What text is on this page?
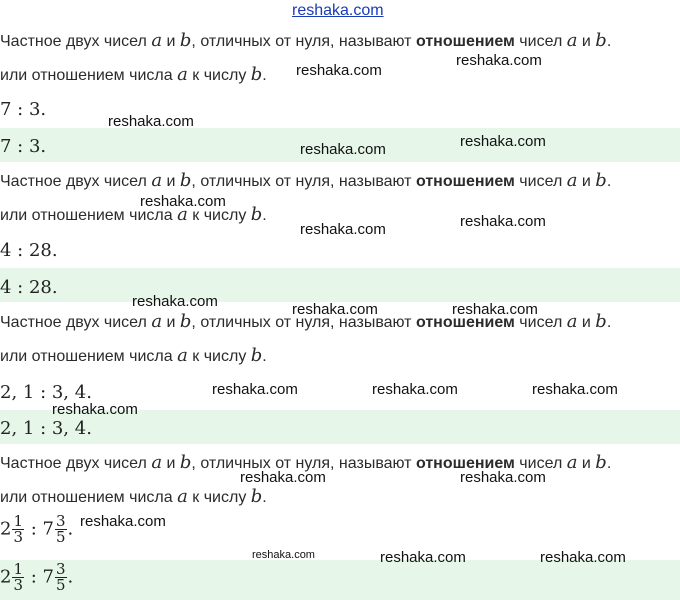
reshaka.com
Частное двух чисел a и b, отличных от нуля, называют отношением чисел a и b.
или отношением числа a к числу b.
7 : 3.
7 : 3.
Частное двух чисел a и b, отличных от нуля, называют отношением чисел a и b.
или отношением числа a к числу b.
4 : 28.
4 : 28.
Частное двух чисел a и b, отличных от нуля, называют отношением чисел a и b.
или отношением числа a к числу b.
2, 1 : 3, 4.
2, 1 : 3, 4.
Частное двух чисел a и b, отличных от нуля, называют отношением чисел a и b.
или отношением числа a к числу b.
$2 \frac{1}{3}$ : $7 \frac{3}{5}$ .
$2 \frac{1}{3}$ : $7 \frac{3}{5}$ .
reshaka.com
reshaka.com
reshaka.com
reshaka.com	reshaka.com
reshaka.com
reshaka.com	reshaka.com
reshaka.com	reshaka.com	reshaka.com
reshaka.com	reshaka.com	reshaka.com
reshaka.com
reshaka.com	reshaka.com
reshaka.com
reshaka.com	reshaka.com	reshaka.com
